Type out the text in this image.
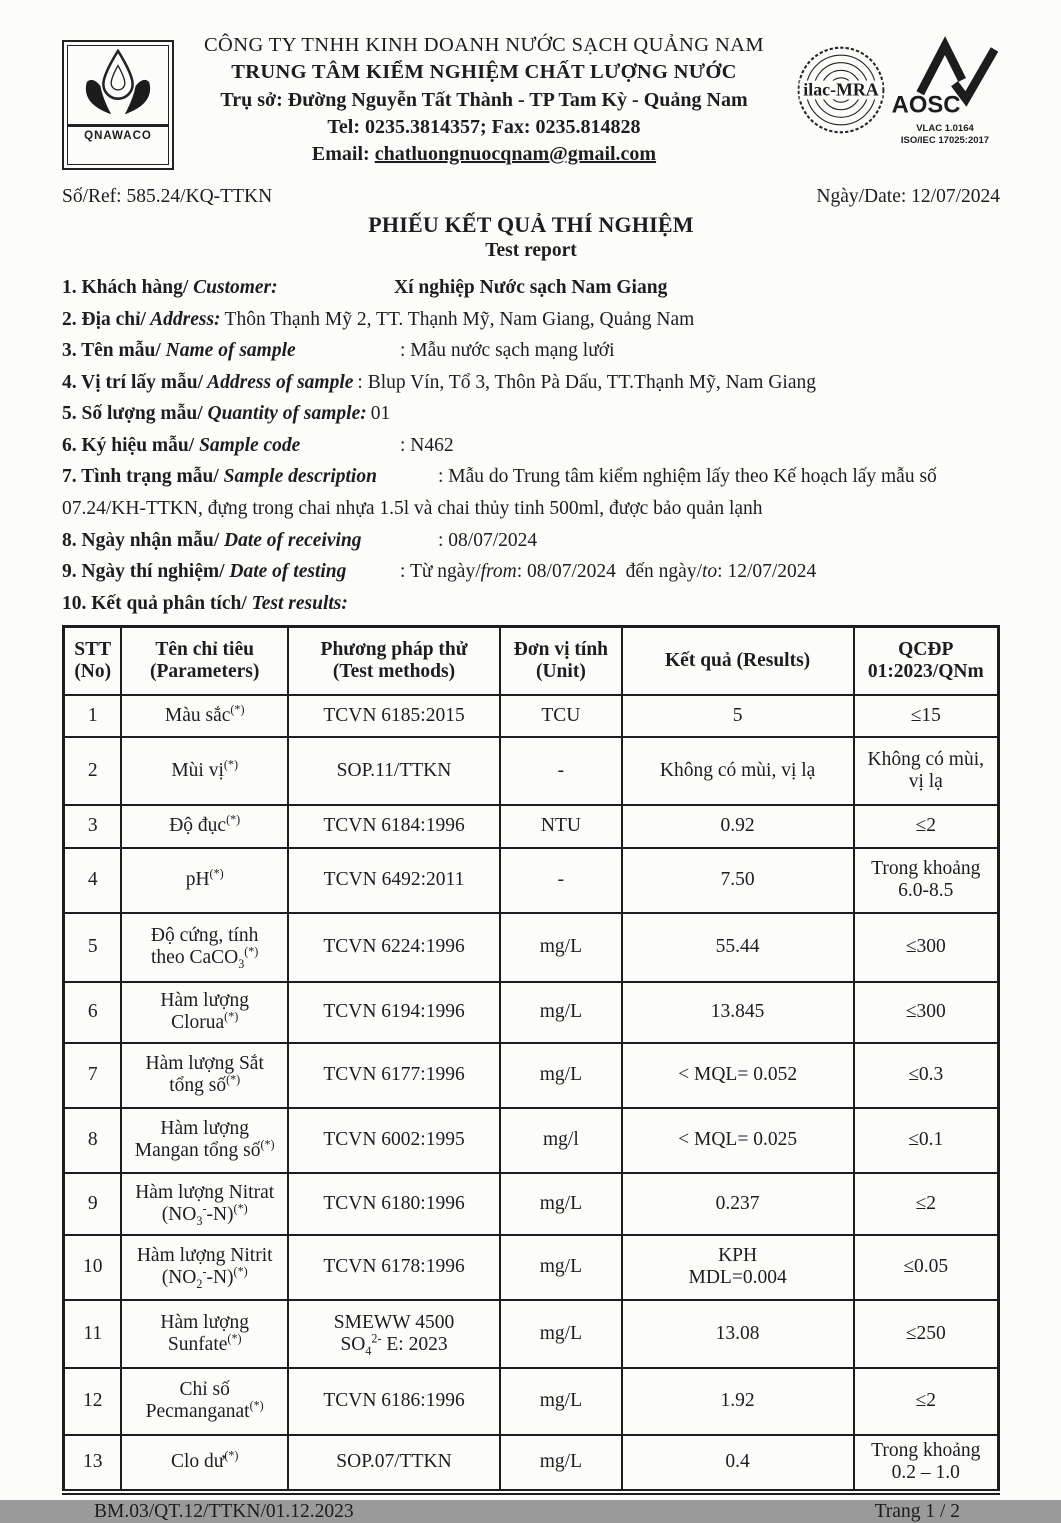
QNAWACO
CÔNG TY TNHH KINH DOANH NƯỚC SẠCH QUẢNG NAM
TRUNG TÂM KIỂM NGHIỆM CHẤT LƯỢNG NƯỚC
Trụ sở: Đường Nguyễn Tất Thành - TP Tam Kỳ - Quảng Nam
Tel: 0235.3814357; Fax: 0235.814828
Email: chatluongnuocqnam@gmail.com
ilac-MRA
AOSC
VLAC 1.0164
ISO/IEC 17025:2017
Số/Ref: 585.24/KQ-TTKN	Ngày/Date: 12/07/2024
PHIẾU KẾT QUẢ THÍ NGHIỆM
Test report

1. Khách hàng/ Customer:	Xí nghiệp Nước sạch Nam Giang

2. Địa chỉ/ Address: Thôn Thạnh Mỹ 2, TT. Thạnh Mỹ, Nam Giang, Quảng Nam

3. Tên mẫu/ Name of sample	: Mẫu nước sạch mạng lưới

4. Vị trí lấy mẫu/ Address of sample : Blup Vín, Tổ 3, Thôn Pà Dấu, TT.Thạnh Mỹ, Nam Giang

5. Số lượng mẫu/ Quantity of sample: 01

6. Ký hiệu mẫu/ Sample code	: N462

7. Tình trạng mẫu/ Sample description	: Mẫu do Trung tâm kiểm nghiệm lấy theo Kế hoạch lấy mẫu số 07.24/KH-TTKN, đựng trong chai nhựa 1.5l và chai thủy tinh 500ml, được bảo quản lạnh

8. Ngày nhận mẫu/ Date of receiving	: 08/07/2024

9. Ngày thí nghiệm/ Date of testing	: Từ ngày/from: 08/07/2024  đến ngày/to: 12/07/2024

10. Kết quả phân tích/ Test results:

STT
(No)	Tên chỉ tiêu
(Parameters)	Phương pháp thử
(Test methods)	Đơn vị tính
(Unit)	Kết quả (Results)	QCĐP
01:2023/QNm
1	Màu sắc(*)	TCVN 6185:2015	TCU	5	≤15
2	Mùi vị(*)	SOP.11/TTKN	-	Không có mùi, vị lạ	Không có mùi,
vị lạ
3	Độ đục(*)	TCVN 6184:1996	NTU	0.92	≤2
4	pH(*)	TCVN 6492:2011	-	7.50	Trong khoảng
6.0-8.5
5	Độ cứng, tính
theo CaCO$_3$(*)	TCVN 6224:1996	mg/L	55.44	≤300
6	Hàm lượng
Clorua(*)	TCVN 6194:1996	mg/L	13.845	≤300
7	Hàm lượng Sắt
tổng số(*)	TCVN 6177:1996	mg/L	< MQL= 0.052	≤0.3
8	Hàm lượng
Mangan tổng số(*)	TCVN 6002:1995	mg/l	< MQL= 0.025	≤0.1
9	Hàm lượng Nitrat
$(NO_3^--N)^{(*)}$	TCVN 6180:1996	mg/L	0.237	≤2
10	Hàm lượng Nitrit
$(NO_2^--N)^{(*)}$	TCVN 6178:1996	mg/L	KPH
MDL=0.004	≤0.05
11	Hàm lượng
Sunfate(*)	SMEWW 4500
$SO_4^{2-}$ E: 2023	mg/L	13.08	≤250
12	Chỉ số
Pecmanganat(*)	TCVN 6186:1996	mg/L	1.92	≤2
13	Clo dư(*)	SOP.07/TTKN	mg/L	0.4	Trong khoảng
0.2 – 1.0
BM.03/QT.12/TTKN/01.12.2023	Trang 1 / 2
